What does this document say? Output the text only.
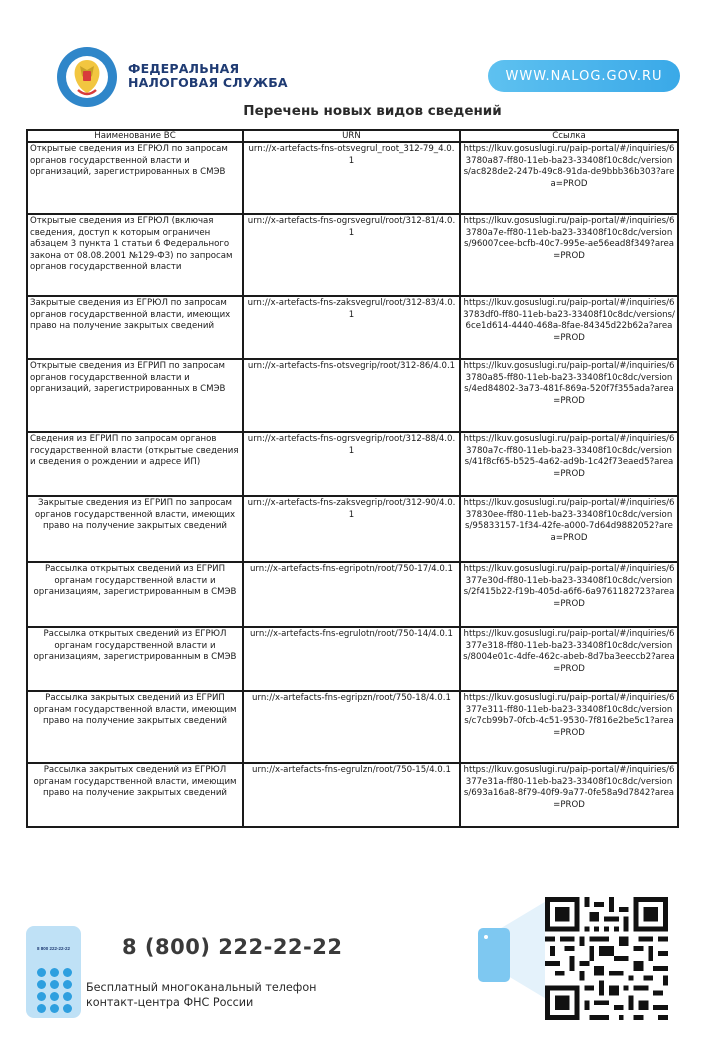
ФЕДЕРАЛЬНАЯ
НАЛОГОВАЯ СЛУЖБА	WWW.NALOG.GOV.RU
Перечень новых видов сведений
Наименование ВС	URN	Ссылка
Открытые сведения из ЕГРЮЛ по запросам органов государственной власти и организаций, зарегистрированных в СМЭВ	urn://x-artefacts-fns-otsvegrul_root_312-79_4.0.1	https://lkuv.gosuslugi.ru/paip-portal/#/inquiries/63780a87-ff80-11eb-ba23-33408f10c8dc/versions/ac828de2-247b-49c8-91da-de9bbb36b303?area=PROD
Открытые сведения из ЕГРЮЛ (включая сведения, доступ к которым ограничен абзацем 3 пункта 1 статьи 6 Федерального закона от 08.08.2001 №129-ФЗ) по запросам органов государственной власти	urn://x-artefacts-fns-ogrsvegrul/root/312-81/4.0.1	https://lkuv.gosuslugi.ru/paip-portal/#/inquiries/63780a7e-ff80-11eb-ba23-33408f10c8dc/versions/96007cee-bcfb-40c7-995e-ae56ead8f349?area=PROD
Закрытые сведения из ЕГРЮЛ по запросам органов государственной власти, имеющих право на получение закрытых сведений	urn://x-artefacts-fns-zaksvegrul/root/312-83/4.0.1	https://lkuv.gosuslugi.ru/paip-portal/#/inquiries/63783df0-ff80-11eb-ba23-33408f10c8dc/versions/6ce1d614-4440-468a-8fae-84345d22b62a?area=PROD
Открытые сведения из ЕГРИП по запросам органов государственной власти и организаций, зарегистрированных в СМЭВ	urn://x-artefacts-fns-otsvegrip/root/312-86/4.0.1	https://lkuv.gosuslugi.ru/paip-portal/#/inquiries/63780a85-ff80-11eb-ba23-33408f10c8dc/versions/4ed84802-3a73-481f-869a-520f7f355ada?area=PROD
Сведения из ЕГРИП по запросам органов государственной власти (открытые сведения и сведения о рождении и адресе ИП)	urn://x-artefacts-fns-ogrsvegrip/root/312-88/4.0.1	https://lkuv.gosuslugi.ru/paip-portal/#/inquiries/63780a7c-ff80-11eb-ba23-33408f10c8dc/versions/41f8cf65-b525-4a62-ad9b-1c42f73eaed5?area=PROD
Закрытые сведения из ЕГРИП по запросам органов государственной власти, имеющих право на получение закрытых сведений	urn://x-artefacts-fns-zaksvegrip/root/312-90/4.0.1	https://lkuv.gosuslugi.ru/paip-portal/#/inquiries/637830ee-ff80-11eb-ba23-33408f10c8dc/versions/95833157-1f34-42fe-a000-7d64d9882052?area=PROD
Рассылка открытых сведений из ЕГРИП органам государственной власти и организациям, зарегистрированным в СМЭВ	urn://x-artefacts-fns-egripotn/root/750-17/4.0.1	https://lkuv.gosuslugi.ru/paip-portal/#/inquiries/6377e30d-ff80-11eb-ba23-33408f10c8dc/versions/2f415b22-f19b-405d-a6f6-6a9761182723?area=PROD
Рассылка открытых сведений из ЕГРЮЛ органам государственной власти и организациям, зарегистрированным в СМЭВ	urn://x-artefacts-fns-egrulotn/root/750-14/4.0.1	https://lkuv.gosuslugi.ru/paip-portal/#/inquiries/6377e318-ff80-11eb-ba23-33408f10c8dc/versions/8004e01c-4dfe-462c-abeb-8d7ba3eeccb2?area=PROD
Рассылка закрытых сведений из ЕГРИП органам государственной власти, имеющим право на получение закрытых сведений	urn://x-artefacts-fns-egripzn/root/750-18/4.0.1	https://lkuv.gosuslugi.ru/paip-portal/#/inquiries/6377e311-ff80-11eb-ba23-33408f10c8dc/versions/c7cb99b7-0fcb-4c51-9530-7f816e2be5c1?area=PROD
Рассылка закрытых сведений из ЕГРЮЛ органам государственной власти, имеющим право на получение закрытых сведений	urn://x-artefacts-fns-egrulzn/root/750-15/4.0.1	https://lkuv.gosuslugi.ru/paip-portal/#/inquiries/6377e31a-ff80-11eb-ba23-33408f10c8dc/versions/693a16a8-8f79-40f9-9a77-0fe58a9d7842?area=PROD
8 800 222-22-22	8 (800) 222-22-22
Бесплатный многоканальный телефон
контакт-центра ФНС России
